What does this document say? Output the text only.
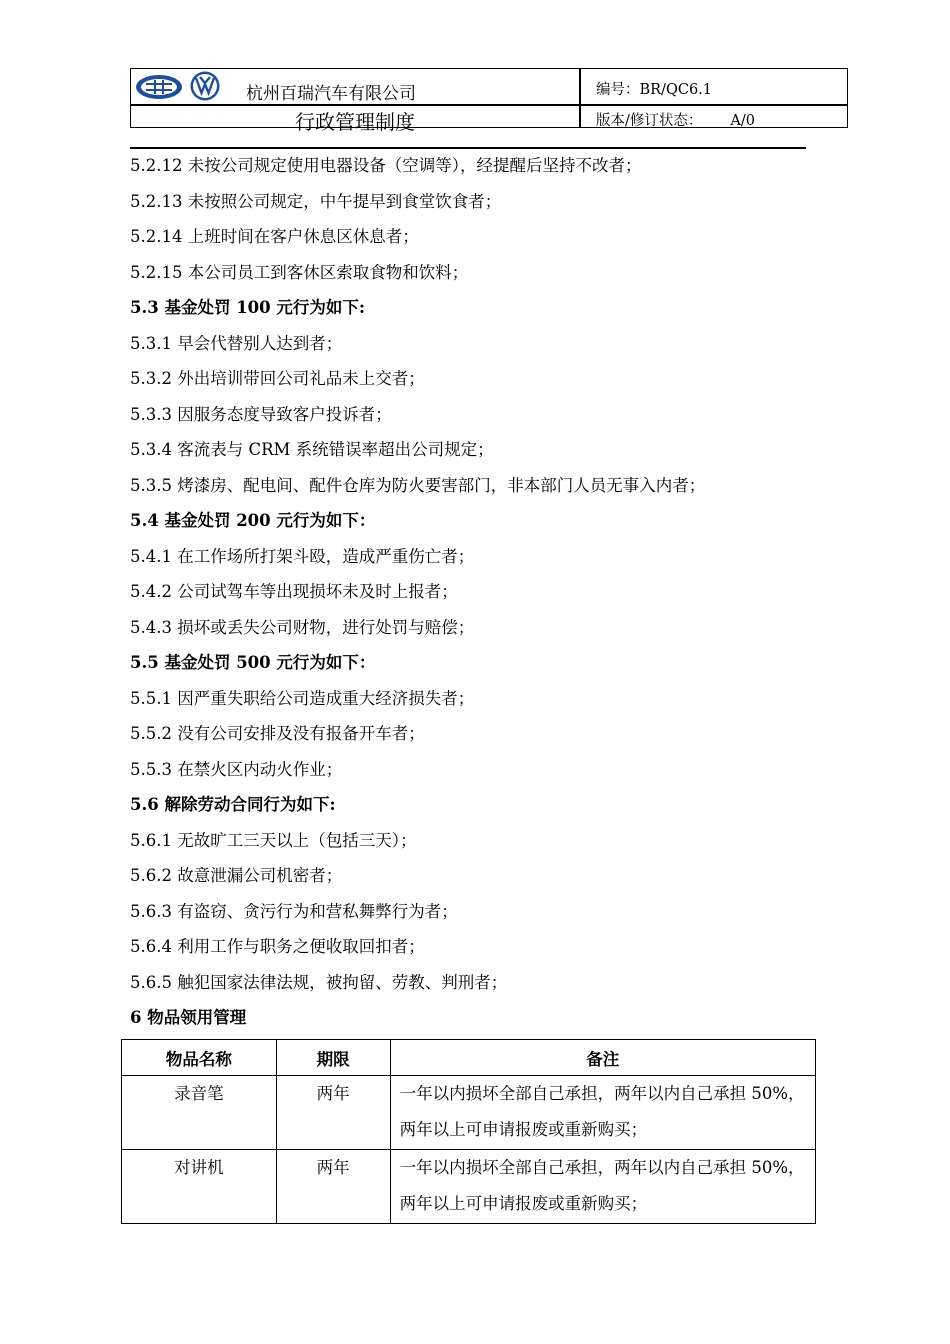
杭州百瑞汽车有限公司
行政管理制度
编号：BR/QC6.1
版本/修订状态： A/0
5.2.12 未按公司规定使用电器设备（空调等），经提醒后坚持不改者；
5.2.13 未按照公司规定，中午提早到食堂饮食者；
5.2.14 上班时间在客户休息区休息者；
5.2.15 本公司员工到客休区索取食物和饮料；
5.3 基金处罚 100 元行为如下:
5.3.1 早会代替别人达到者；
5.3.2 外出培训带回公司礼品未上交者；
5.3.3 因服务态度导致客户投诉者；
5.3.4 客流表与 CRM 系统错误率超出公司规定；
5.3.5 烤漆房、配电间、配件仓库为防火要害部门，非本部门人员无事入内者；
5.4 基金处罚 200 元行为如下：
5.4.1 在工作场所打架斗殴，造成严重伤亡者；
5.4.2 公司试驾车等出现损坏未及时上报者；
5.4.3 损坏或丢失公司财物，进行处罚与赔偿；
5.5 基金处罚 500 元行为如下：
5.5.1 因严重失职给公司造成重大经济损失者；
5.5.2 没有公司安排及没有报备开车者；
5.5.3 在禁火区内动火作业；
5.6 解除劳动合同行为如下:
5.6.1 无故旷工三天以上（包括三天）；
5.6.2 故意泄漏公司机密者；
5.6.3 有盗窃、贪污行为和营私舞弊行为者；
5.6.4 利用工作与职务之便收取回扣者；
5.6.5 触犯国家法律法规，被拘留、劳教、判刑者；
6 物品领用管理
物品名称	期限	备注
录音笔	两年	一年以内损坏全部自己承担，两年以内自己承担 50%，两年以上可申请报废或重新购买；
对讲机	两年	一年以内损坏全部自己承担，两年以内自己承担 50%，两年以上可申请报废或重新购买；
